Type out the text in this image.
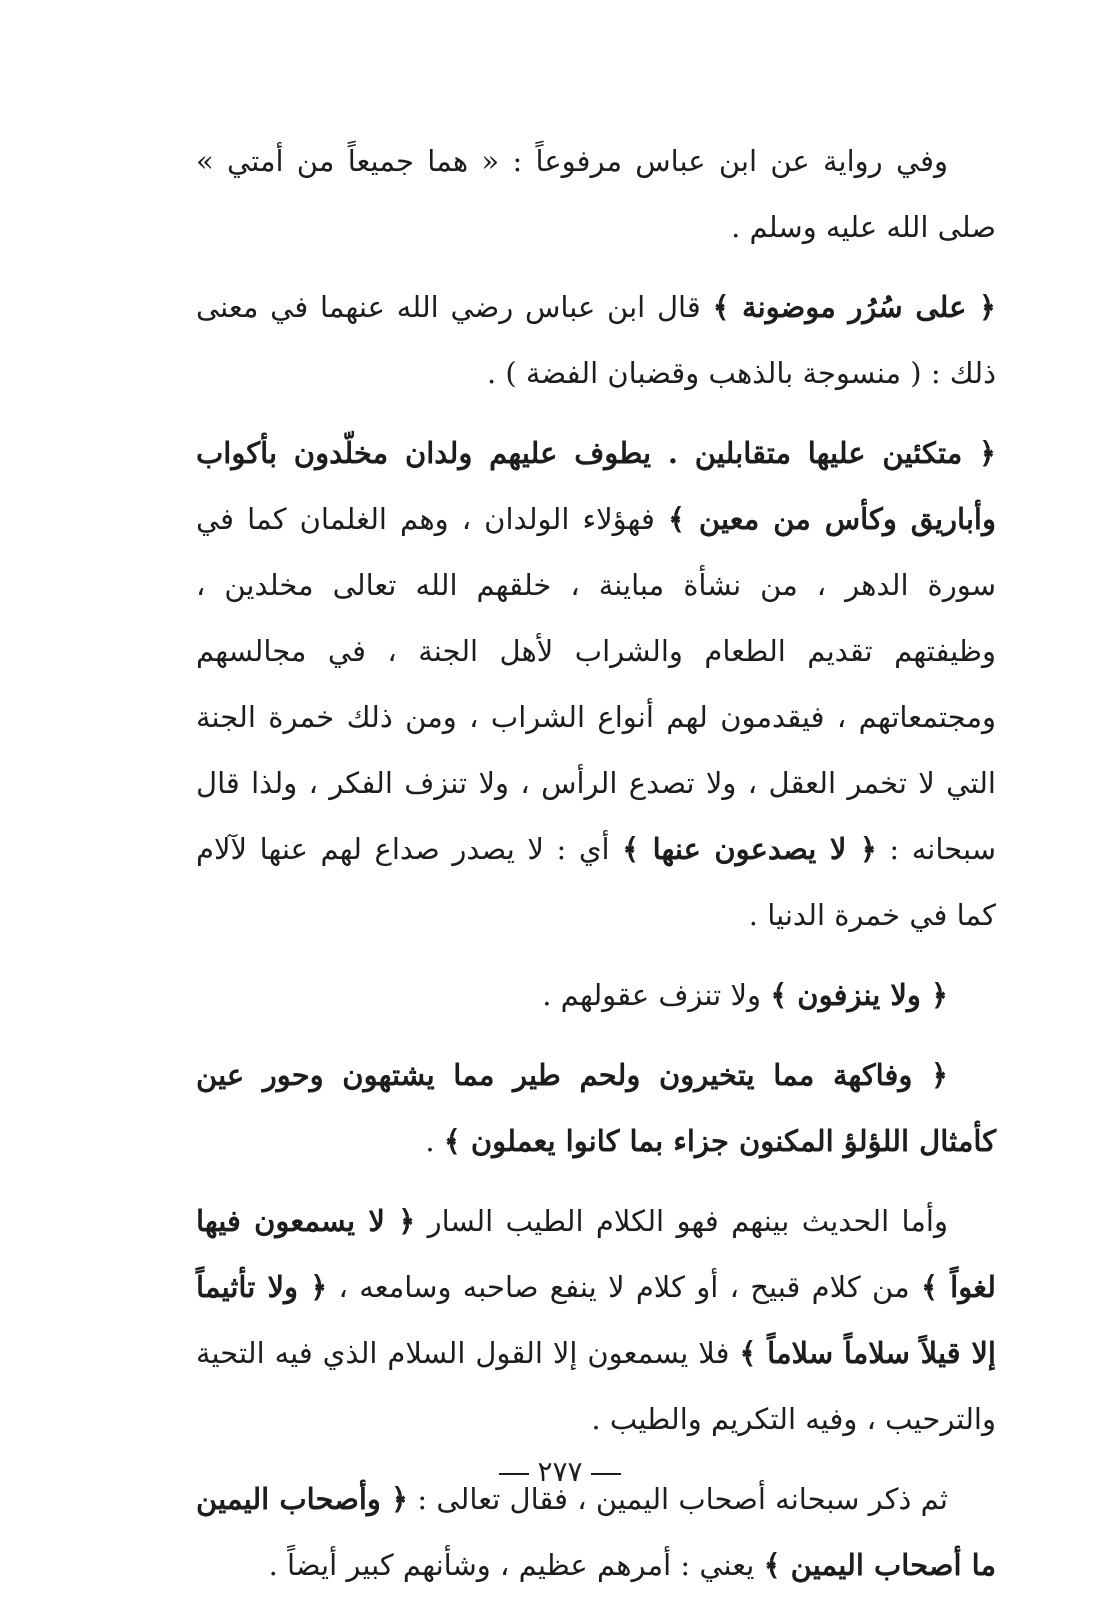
وفي رواية عن ابن عباس مرفوعاً : « هما جميعاً من أمتي » صلى الله عليه وسلم .

﴿ على سُرُر موضونة ﴾ قال ابن عباس رضي الله عنهما في معنى ذلك : ( منسوجة بالذهب وقضبان الفضة ) .

﴿ متكئين عليها متقابلين . يطوف عليهم ولدان مخلّدون بأكواب وأباريق وكأس من معين ﴾ فهؤلاء الولدان ، وهم الغلمان كما في سورة الدهر ، من نشأة مباينة ، خلقهم الله تعالى مخلدين ، وظيفتهم تقديم الطعام والشراب لأهل الجنة ، في مجالسهم ومجتمعاتهم ، فيقدمون لهم أنواع الشراب ، ومن ذلك خمرة الجنة التي لا تخمر العقل ، ولا تصدع الرأس ، ولا تنزف الفكر ، ولذا قال سبحانه : ﴿ لا يصدعون عنها ﴾ أي : لا يصدر صداع لهم عنها لآلام كما في خمرة الدنيا .

﴿ ولا ينزفون ﴾ ولا تنزف عقولهم .

﴿ وفاكهة مما يتخيرون ولحم طير مما يشتهون وحور عين كأمثال اللؤلؤ المكنون جزاء بما كانوا يعملون ﴾ .

وأما الحديث بينهم فهو الكلام الطيب السار ﴿ لا يسمعون فيها لغواً ﴾ من كلام قبيح ، أو كلام لا ينفع صاحبه وسامعه ، ﴿ ولا تأثيماً إلا قيلاً سلاماً سلاماً ﴾ فلا يسمعون إلا القول السلام الذي فيه التحية والترحيب ، وفيه التكريم والطيب .

ثم ذكر سبحانه أصحاب اليمين ، فقال تعالى : ﴿ وأصحاب اليمين ما أصحاب اليمين ﴾ يعني : أمرهم عظيم ، وشأنهم كبير أيضاً .

٢٧٧
